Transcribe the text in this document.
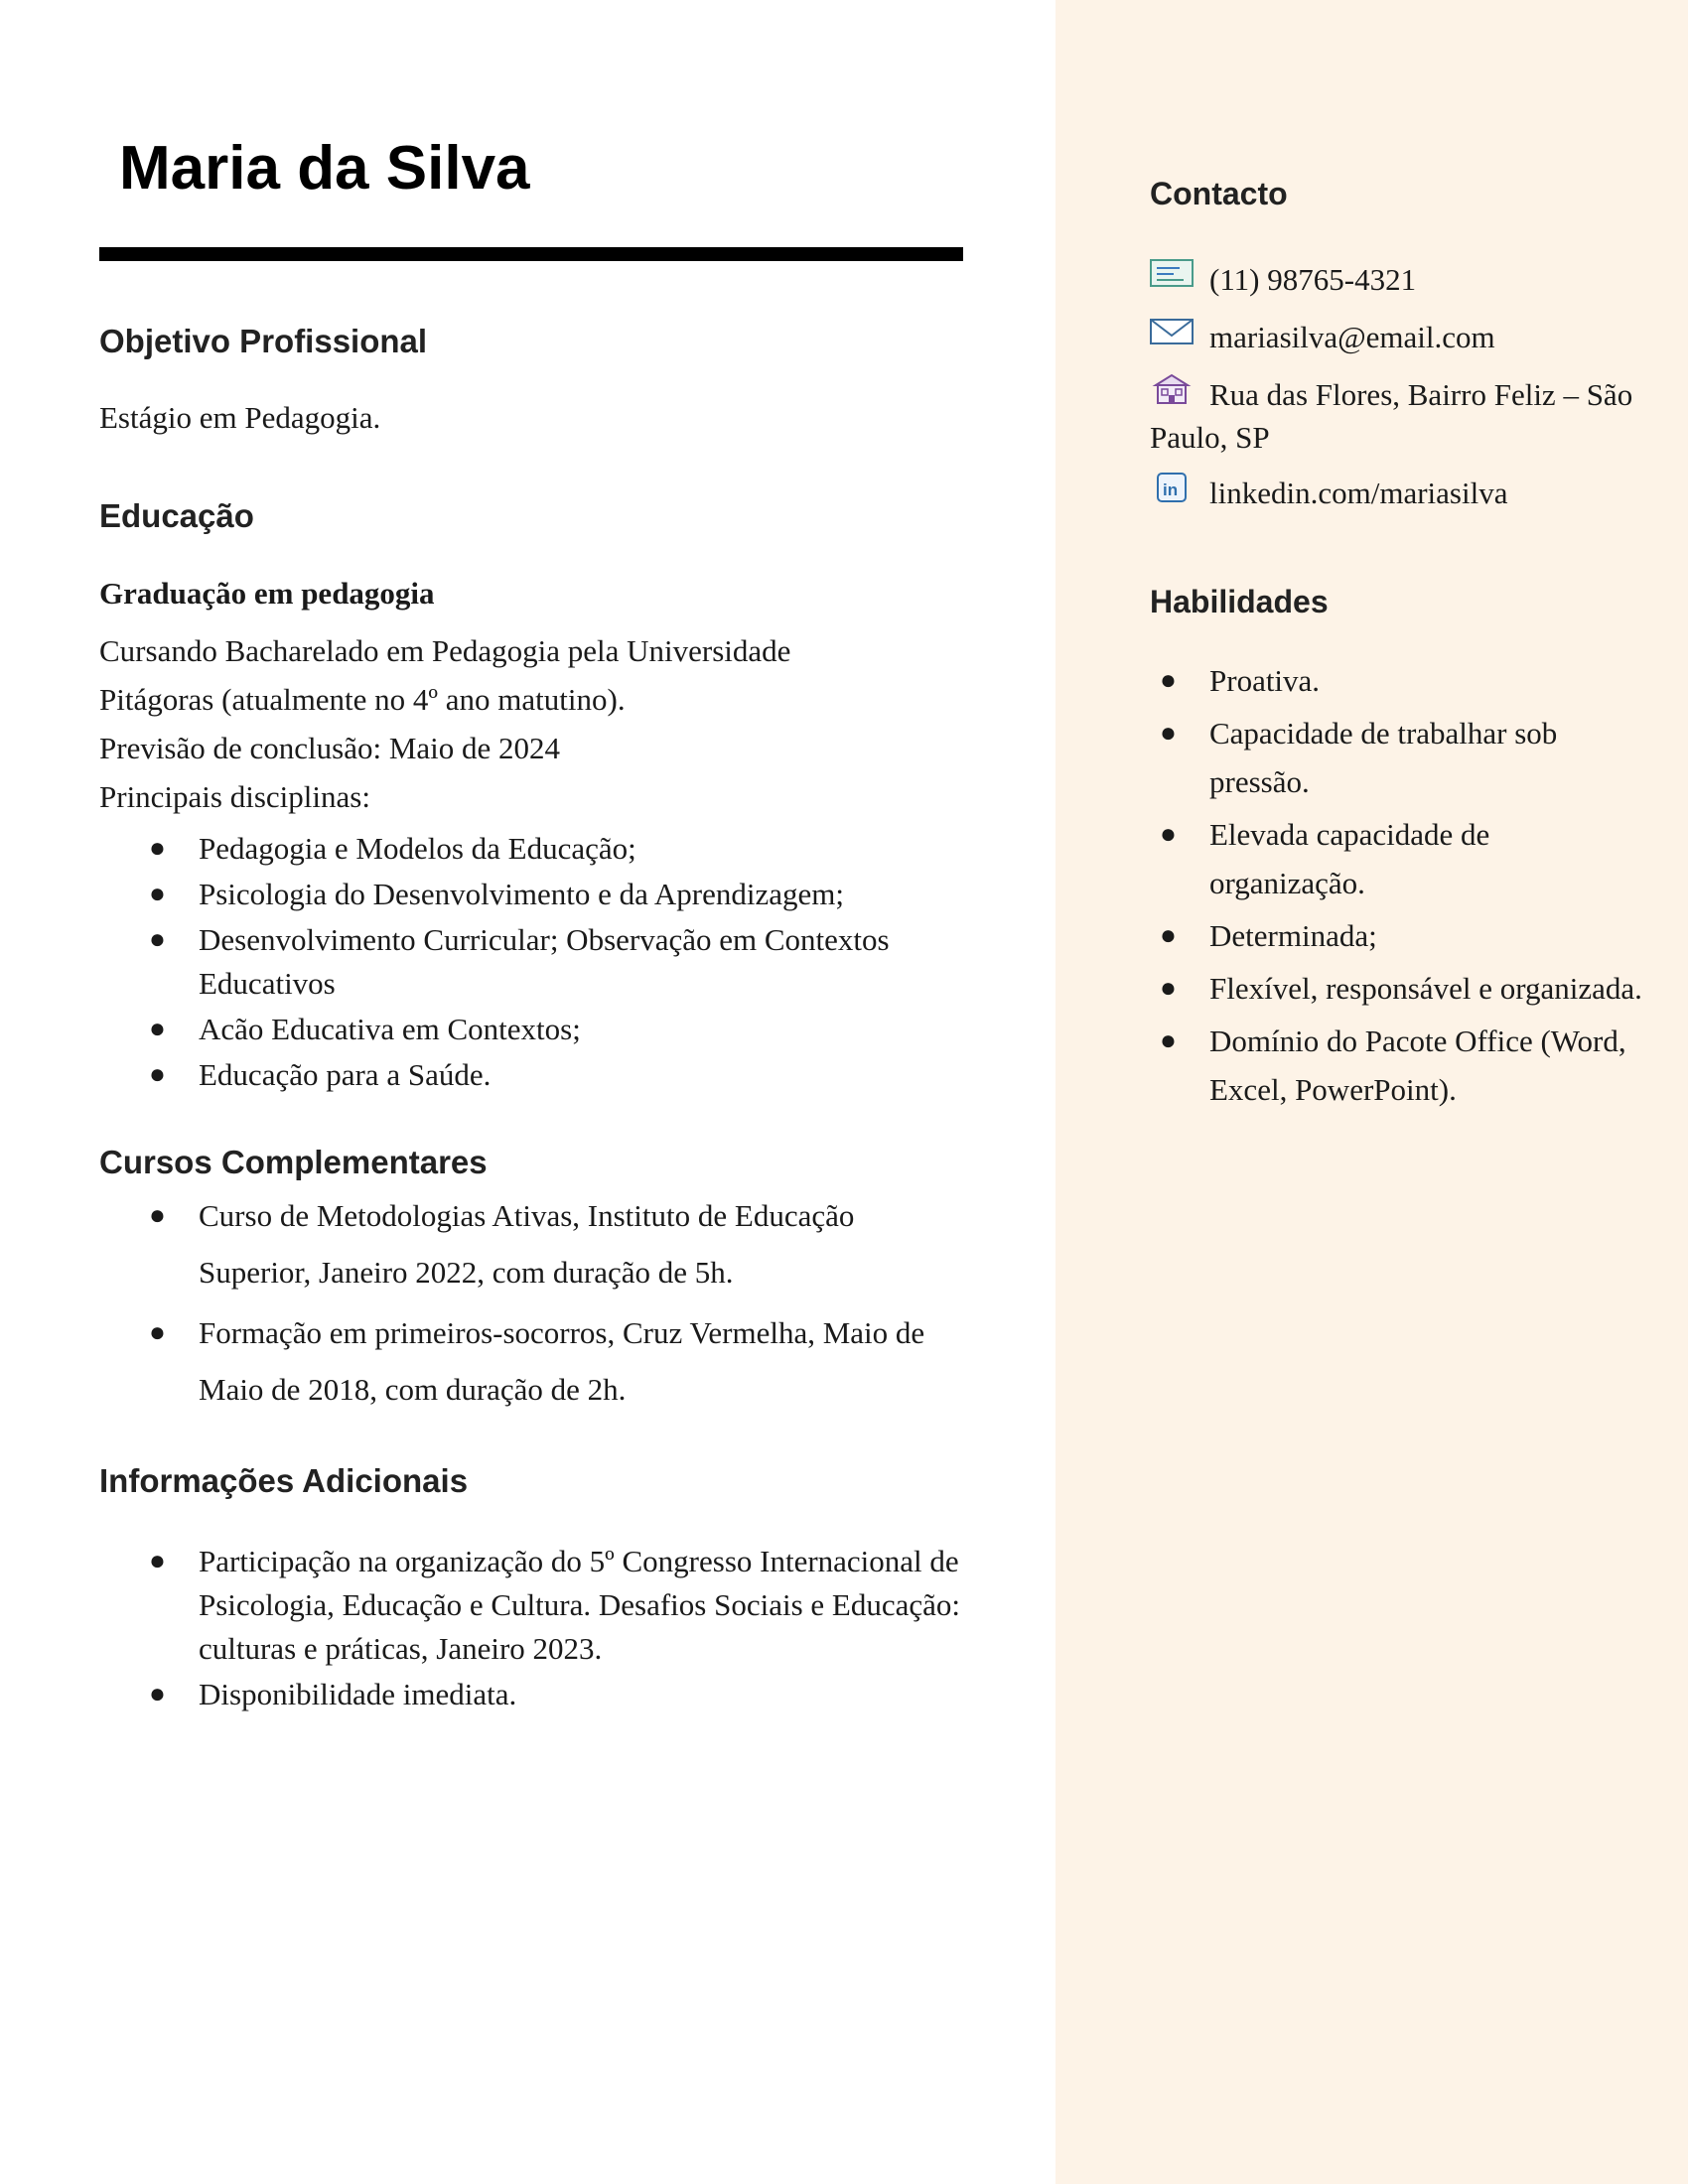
Maria da Silva
Objetivo Profissional

Estágio em Pedagogia.

Educação

Graduação em pedagogia

Cursando Bacharelado em Pedagogia pela Universidade

Pitágoras (atualmente no 4º ano matutino).

Previsão de conclusão: Maio de 2024

Principais disciplinas:

● Pedagogia e Modelos da Educação;
● Psicologia do Desenvolvimento e da Aprendizagem;
● Desenvolvimento Curricular; Observação em Contextos Educativos
● Acão Educativa em Contextos;
● Educação para a Saúde.
Cursos Complementares
● Curso de Metodologias Ativas, Instituto de Educação Superior, Janeiro 2022, com duração de 5h.
● Formação em primeiros-socorros, Cruz Vermelha, Maio de Maio de 2018, com duração de 2h.
Informações Adicionais
● Participação na organização do 5º Congresso Internacional de Psicologia, Educação e Cultura. Desafios Sociais e Educação: culturas e práticas, Janeiro 2023.
● Disponibilidade imediata.
Contacto
(11) 98765-4321
mariasilva@email.com
Rua das Flores, Bairro Feliz – São Paulo, SP
in linkedin.com/mariasilva
Habilidades
●	Proativa.
●	Capacidade de trabalhar sob pressão.
●	Elevada capacidade de organização.
●	Determinada;
●	Flexível, responsável e organizada.
●	Domínio do Pacote Office (Word, Excel, PowerPoint).
